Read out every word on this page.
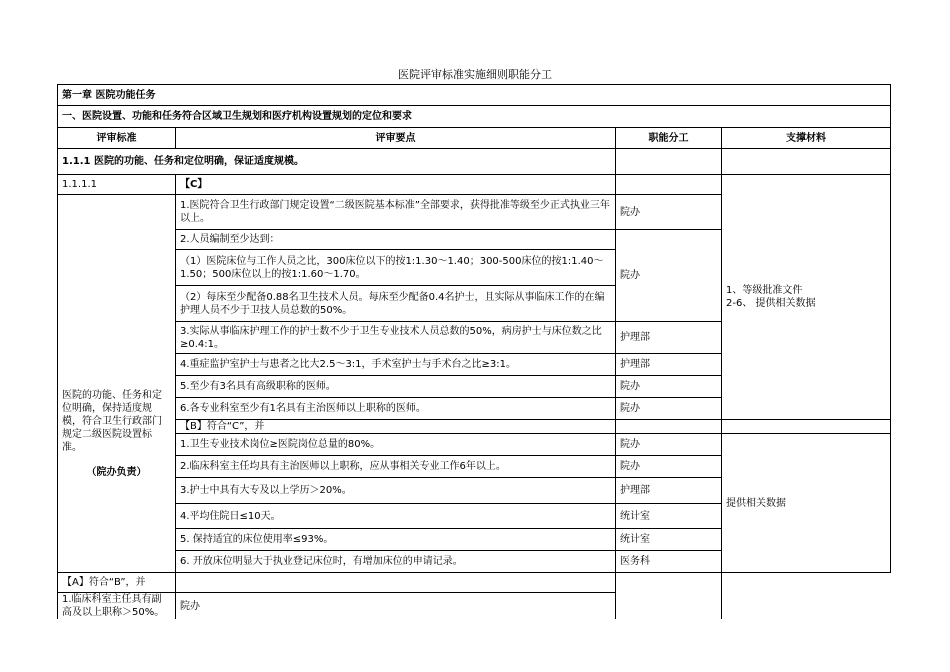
医院评审标准实施细则职能分工
第一章 医院功能任务			
一、医院设置、功能和任务符合区域卫生规划和医疗机构设置规划的定位和要求			
评审标准	评审要点	职能分工	支撑材料
1.1.1 医院的功能、任务和定位明确，保证适度规模。			
1.1.1.1	【C】		1、等级批准文件
2-6、 提供相关数据

医院的功能、任务和定位明确，保持适度规模，符合卫生行政部门规定二级医院设置标准。
（院办负责）	1.医院符合卫生行政部门规定设置“二级医院基本标准”全部要求，获得批准等级至少正式执业三年以上。	院办	
	2.人员编制至少达到：	院办	
	（1）医院床位与工作人员之比，300床位以下的按1:1.30～1.40；300-500床位的按1:1.40～1.50；500床位以上的按1:1.60～1.70。		
	（2）每床至少配备0.88名卫生技术人员。每床至少配备0.4名护士，且实际从事临床工作的在编护理人员不少于卫技人员总数的50%。		
	3.实际从事临床护理工作的护士数不少于卫生专业技术人员总数的50%，病房护士与床位数之比≥0.4:1。	护理部	
	4.重症监护室护士与患者之比大2.5～3:1，手术室护士与手术台之比≥3:1。	护理部	
	5.至少有3名具有高级职称的医师。	院办	
	6.各专业科室至少有1名具有主治医师以上职称的医师。	院办	
	【B】符合“C”，并		
	1.卫生专业技术岗位≥医院岗位总量的80%。	院办	提供相关数据
	2.临床科室主任均具有主治医师以上职称，应从事相关专业工作6年以上。	院办	
	3.护士中具有大专及以上学历＞20%。	护理部	
	4.平均住院日≤10天。	统计室	
	5. 保持适宜的床位使用率≤93%。	统计室	
	6. 开放床位明显大于执业登记床位时，有增加床位的申请记录。	医务科	
【A】符合“B”，并			
1.临床科室主任具有副高及以上职称＞50%。	院办		
